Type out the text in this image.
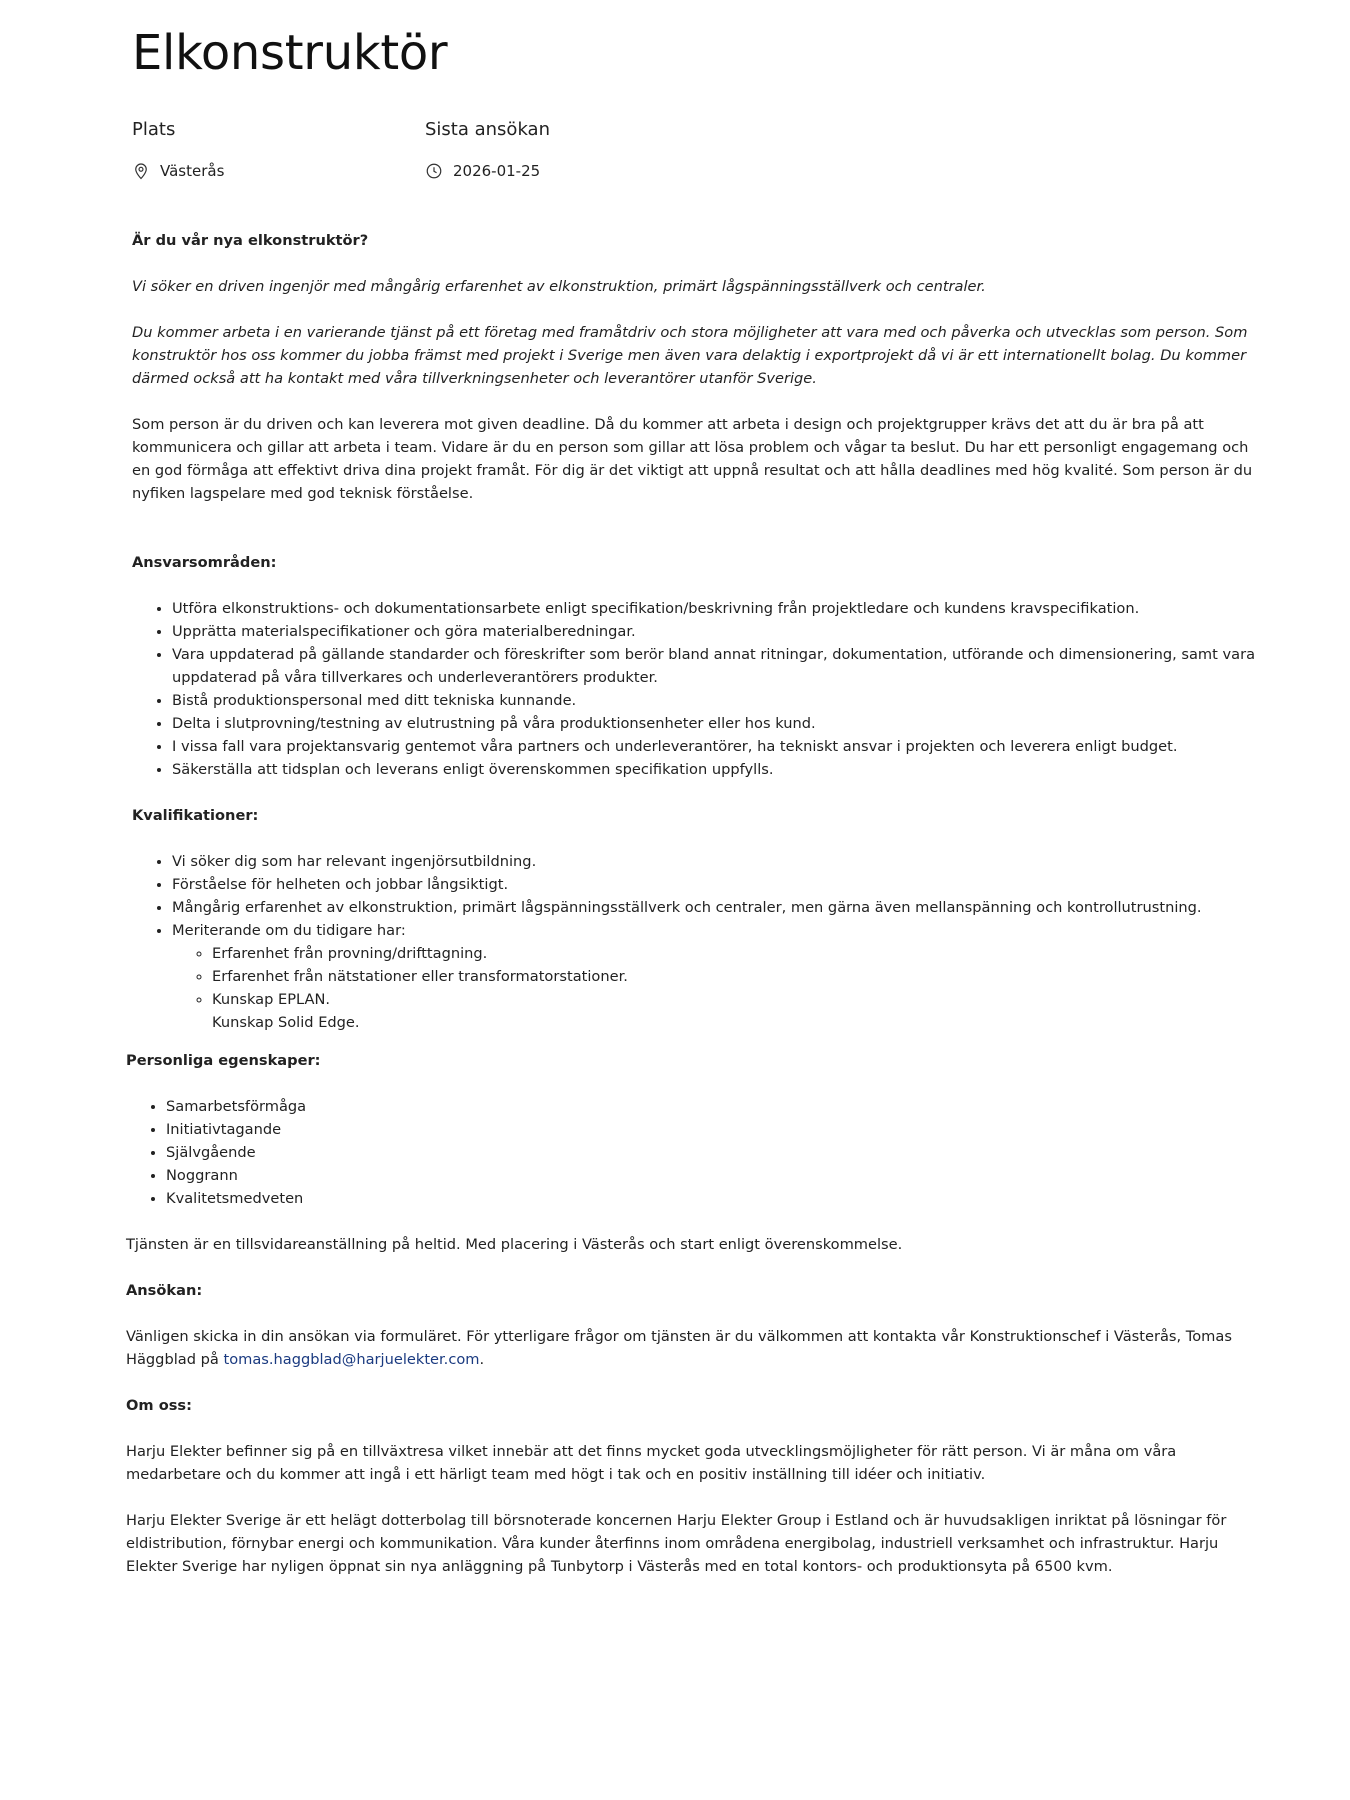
Elkonstruktör
Plats
Västerås
Sista ansökan
2026-01-25

Är du vår nya elkonstruktör?

Vi söker en driven ingenjör med mångårig erfarenhet av elkonstruktion, primärt lågspänningsställverk och centraler.

Du kommer arbeta i en varierande tjänst på ett företag med framåtdriv och stora möjligheter att vara med och påverka och utvecklas som person. Som konstruktör hos oss kommer du jobba främst med projekt i Sverige men även vara delaktig i exportprojekt då vi är ett internationellt bolag. Du kommer därmed också att ha kontakt med våra tillverkningsenheter och leverantörer utanför Sverige.

Som person är du driven och kan leverera mot given deadline. Då du kommer att arbeta i design och projektgrupper krävs det att du är bra på att kommunicera och gillar att arbeta i team. Vidare är du en person som gillar att lösa problem och vågar ta beslut. Du har ett personligt engagemang och en god förmåga att effektivt driva dina projekt framåt. För dig är det viktigt att uppnå resultat och att hålla deadlines med hög kvalité. Som person är du nyfiken lagspelare med god teknisk förståelse.

Ansvarsområden:

• Utföra elkonstruktions- och dokumentationsarbete enligt specifikation/beskrivning från projektledare och kundens kravspecifikation.
• Upprätta materialspecifikationer och göra materialberedningar.
• Vara uppdaterad på gällande standarder och föreskrifter som berör bland annat ritningar, dokumentation, utförande och dimensionering, samt vara uppdaterad på våra tillverkares och underleverantörers produkter.
• Bistå produktionspersonal med ditt tekniska kunnande.
• Delta i slutprovning/testning av elutrustning på våra produktionsenheter eller hos kund.
• I vissa fall vara projektansvarig gentemot våra partners och underleverantörer, ha tekniskt ansvar i projekten och leverera enligt budget.
• Säkerställa att tidsplan och leverans enligt överenskommen specifikation uppfylls.

Kvalifikationer:

• Vi söker dig som har relevant ingenjörsutbildning.
• Förståelse för helheten och jobbar långsiktigt.
• Mångårig erfarenhet av elkonstruktion, primärt lågspänningsställverk och centraler, men gärna även mellanspänning och kontrollutrustning.
• Meriterande om du tidigare har:
◦ Erfarenhet från provning/drifttagning.
◦ Erfarenhet från nätstationer eller transformatorstationer.
◦ Kunskap EPLAN.
◦ Kunskap Solid Edge.

Personliga egenskaper:

• Samarbetsförmåga
• Initiativtagande
• Självgående
• Noggrann
• Kvalitetsmedveten

Tjänsten är en tillsvidareanställning på heltid. Med placering i Västerås och start enligt överenskommelse.

Ansökan:

Vänligen skicka in din ansökan via formuläret. För ytterligare frågor om tjänsten är du välkommen att kontakta vår Konstruktionschef i Västerås, Tomas Häggblad på tomas.haggblad@harjuelekter.com.

Om oss:

Harju Elekter befinner sig på en tillväxtresa vilket innebär att det finns mycket goda utvecklingsmöjligheter för rätt person. Vi är måna om våra medarbetare och du kommer att ingå i ett härligt team med högt i tak och en positiv inställning till idéer och initiativ.

Harju Elekter Sverige är ett helägt dotterbolag till börsnoterade koncernen Harju Elekter Group i Estland och är huvudsakligen inriktat på lösningar för eldistribution, förnybar energi och kommunikation. Våra kunder återfinns inom områdena energibolag, industriell verksamhet och infrastruktur. Harju Elekter Sverige har nyligen öppnat sin nya anläggning på Tunbytorp i Västerås med en total kontors- och produktionsyta på 6500 kvm.
